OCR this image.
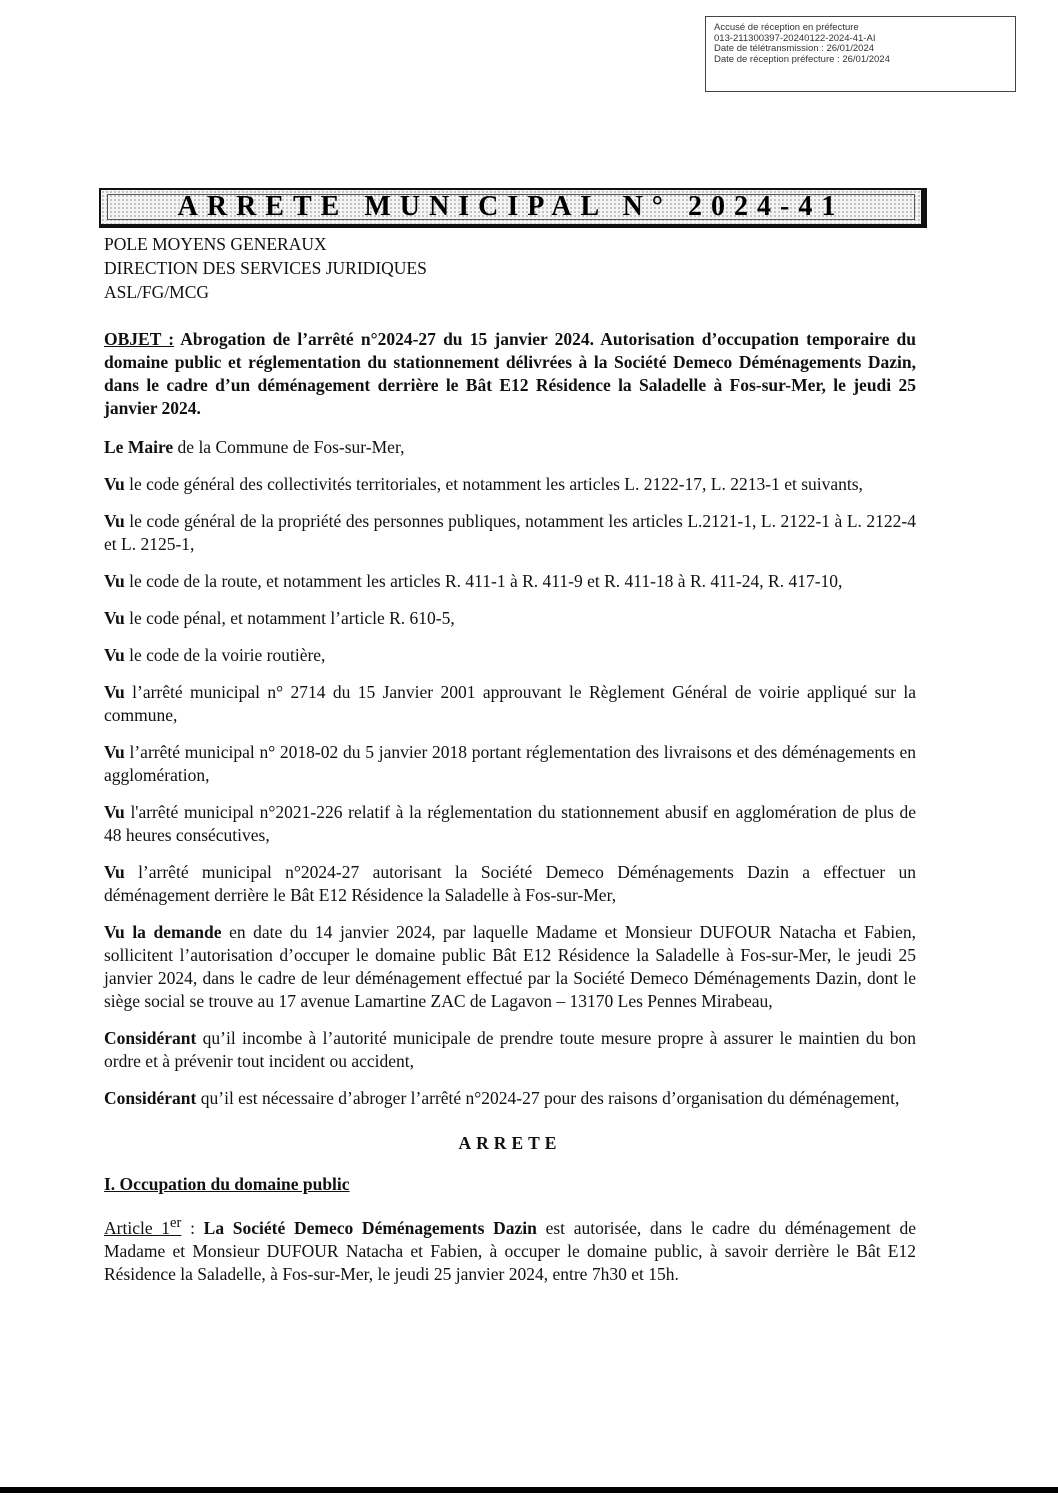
Accusé de réception en préfecture
013-211300397-20240122-2024-41-AI
Date de télétransmission : 26/01/2024
Date de réception préfecture : 26/01/2024
ARRETE MUNICIPAL N° 2024-41
POLE MOYENS GENERAUX
DIRECTION DES SERVICES JURIDIQUES
ASL/FG/MCG

OBJET : Abrogation de l’arrêté n°2024-27 du 15 janvier 2024. Autorisation d’occupation temporaire du domaine public et réglementation du stationnement délivrées à la Société Demeco Déménagements Dazin, dans le cadre d’un déménagement derrière le Bât E12 Résidence la Saladelle à Fos-sur-Mer, le jeudi 25 janvier 2024.

Le Maire de la Commune de Fos-sur-Mer,

Vu le code général des collectivités territoriales, et notamment les articles L. 2122-17, L. 2213-1 et suivants,

Vu le code général de la propriété des personnes publiques, notamment les articles L.2121-1, L. 2122-1 à L. 2122-4 et L. 2125-1,

Vu le code de la route, et notamment les articles R. 411-1 à R. 411-9 et R. 411-18 à R. 411-24, R. 417-10,

Vu le code pénal, et notamment l’article R. 610-5,

Vu le code de la voirie routière,

Vu l’arrêté municipal n° 2714 du 15 Janvier 2001 approuvant le Règlement Général de voirie appliqué sur la commune,

Vu l’arrêté municipal n° 2018-02 du 5 janvier 2018 portant réglementation des livraisons et des déménagements en agglomération,

Vu l'arrêté municipal n°2021-226 relatif à la réglementation du stationnement abusif en agglomération de plus de 48 heures consécutives,

Vu l’arrêté municipal n°2024-27 autorisant la Société Demeco Déménagements Dazin a effectuer un déménagement derrière le Bât E12 Résidence la Saladelle à Fos-sur-Mer,

Vu la demande en date du 14 janvier 2024, par laquelle Madame et Monsieur DUFOUR Natacha et Fabien, sollicitent l’autorisation d’occuper le domaine public Bât E12 Résidence la Saladelle à Fos-sur-Mer, le jeudi 25 janvier 2024, dans le cadre de leur déménagement effectué par la Société Demeco Déménagements Dazin, dont le siège social se trouve au 17 avenue Lamartine ZAC de Lagavon – 13170 Les Pennes Mirabeau,

Considérant qu’il incombe à l’autorité municipale de prendre toute mesure propre à assurer le maintien du bon ordre et à prévenir tout incident ou accident,

Considérant qu’il est nécessaire d’abroger l’arrêté n°2024-27 pour des raisons d’organisation du déménagement,

ARRETE
I. Occupation du domaine public

Article 1er : La Société Demeco Déménagements Dazin est autorisée, dans le cadre du déménagement de Madame et Monsieur DUFOUR Natacha et Fabien, à occuper le domaine public, à savoir derrière le Bât E12 Résidence la Saladelle, à Fos-sur-Mer, le jeudi 25 janvier 2024, entre 7h30 et 15h.
